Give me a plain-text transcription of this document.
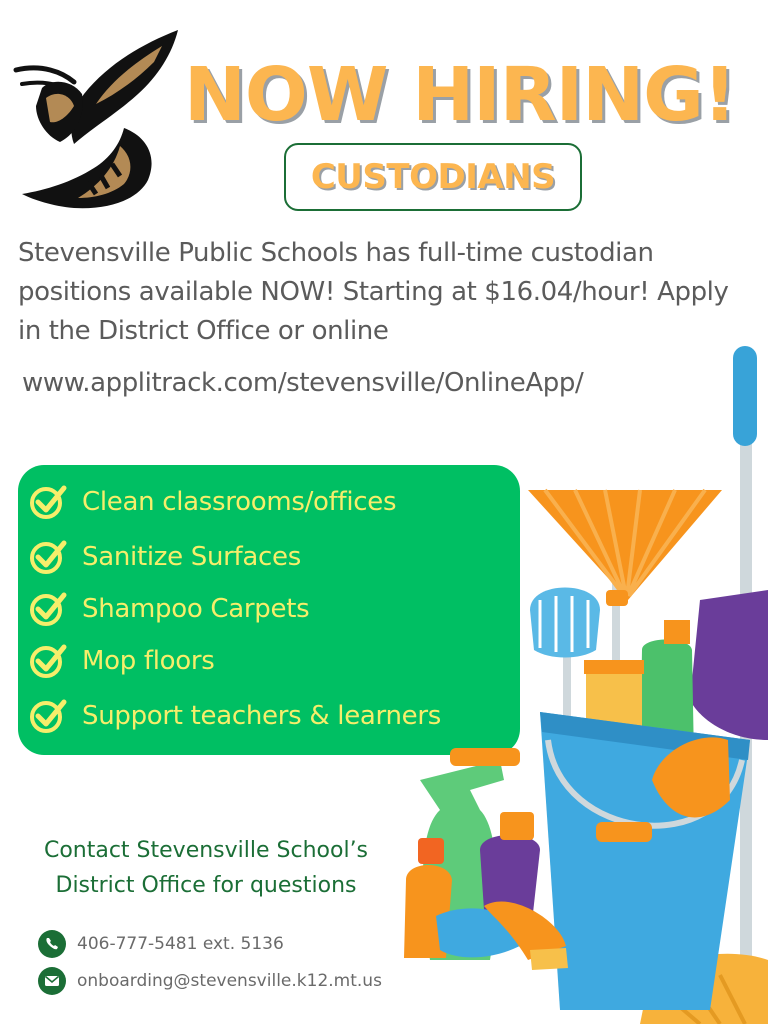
NOW HIRING!
CUSTODIANS

Stevensville Public Schools has full-time custodian positions available NOW! Starting at $16.04/hour! Apply in the District Office or online

www.applitrack.com/stevensville/OnlineApp/

Clean classrooms/offices
Sanitize Surfaces
Shampoo Carpets
Mop floors
Support teachers & learners

Contact Stevensville School’s District Office for questions

406-777-5481 ext. 5136
onboarding@stevensville.k12.mt.us
